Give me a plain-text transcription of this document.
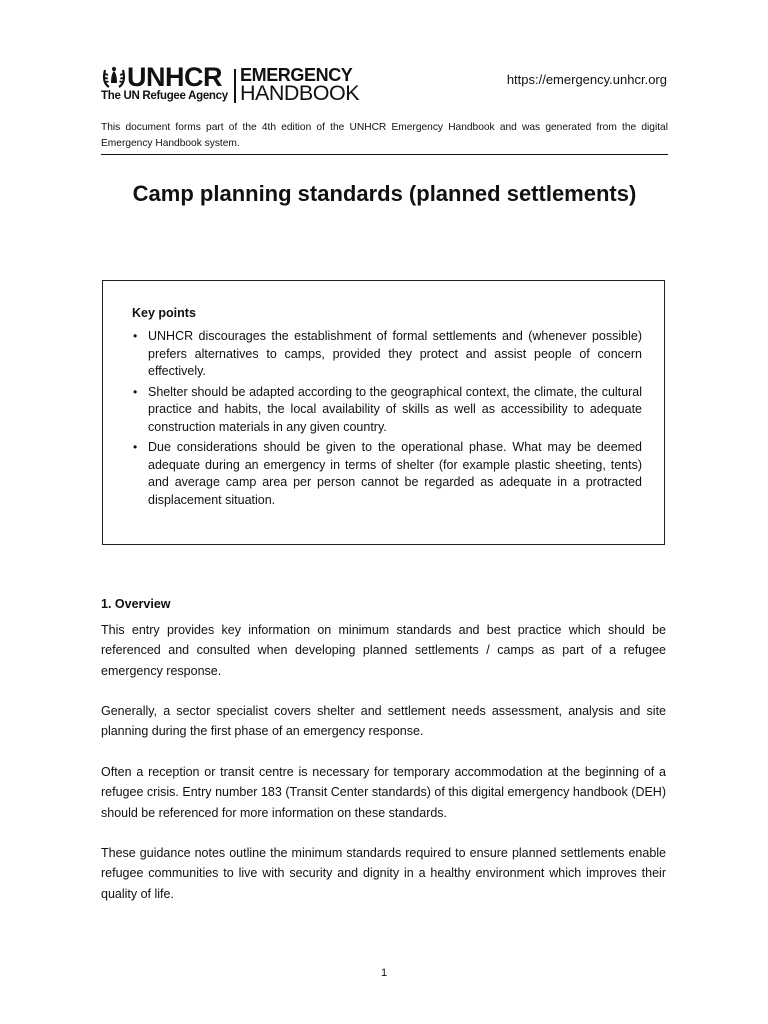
UNHCR
The UN Refugee Agency
EMERGENCY
HANDBOOK
https://emergency.unhcr.org
This document forms part of the 4th edition of the UNHCR Emergency Handbook and was generated from the digital Emergency Handbook system.
Camp planning standards (planned settlements)
Key points
• UNHCR discourages the establishment of formal settlements and (whenever possible) prefers alternatives to camps, provided they protect and assist people of concern effectively.
• Shelter should be adapted according to the geographical context, the climate, the cultural practice and habits, the local availability of skills as well as accessibility to adequate construction materials in any given country.
• Due considerations should be given to the operational phase. What may be deemed adequate during an emergency in terms of shelter (for example plastic sheeting, tents) and average camp area per person cannot be regarded as adequate in a protracted displacement situation.
1. Overview

This entry provides key information on minimum standards and best practice which should be referenced and consulted when developing planned settlements / camps as part of a refugee emergency response.

Generally, a sector specialist covers shelter and settlement needs assessment, analysis and site planning during the first phase of an emergency response.

Often a reception or transit centre is necessary for temporary accommodation at the beginning of a refugee crisis. Entry number 183 (Transit Center standards) of this digital emergency handbook (DEH) should be referenced for more information on these standards.

These guidance notes outline the minimum standards required to ensure planned settlements enable refugee communities to live with security and dignity in a healthy environment which improves their quality of life.

1
